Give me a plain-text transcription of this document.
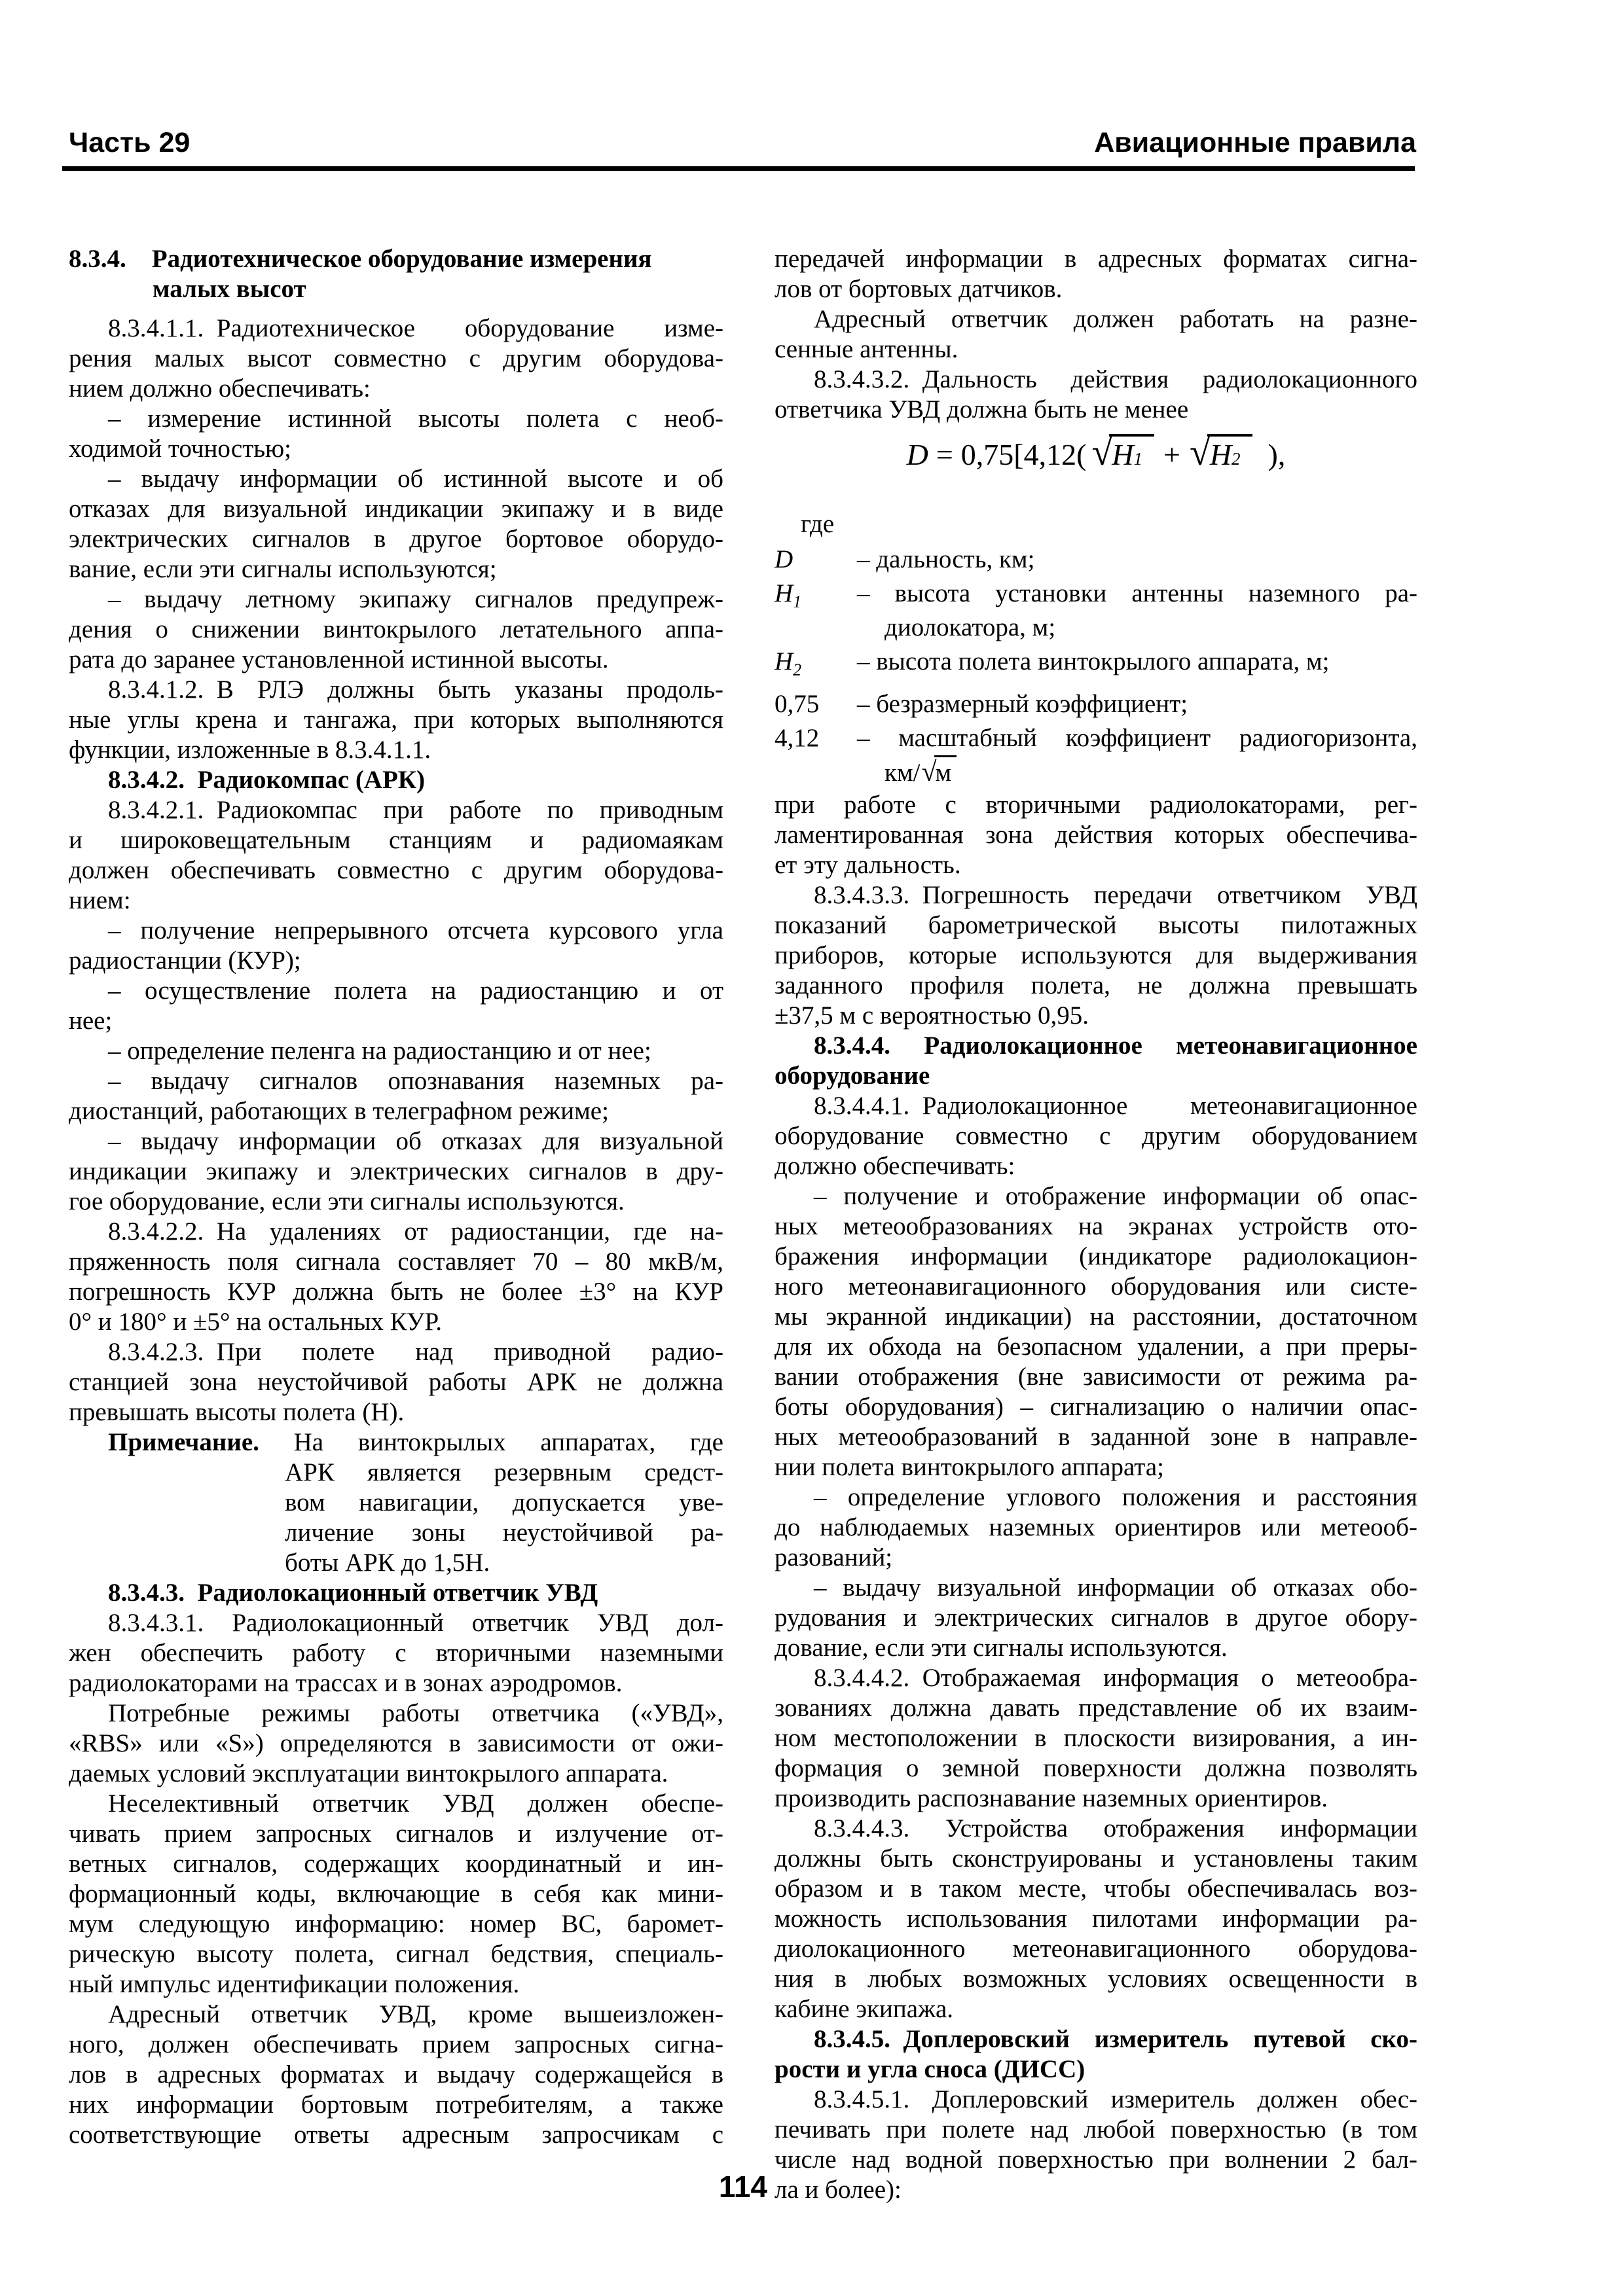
Часть 29	Авиационные правила
8.3.4. Радиотехническое оборудование измерения
малых высот
8.3.4.1.1. Радиотехническое оборудование изме-
рения малых высот совместно с другим оборудова-
нием должно обеспечивать:
– измерение истинной высоты полета с необ-
ходимой точностью;
– выдачу информации об истинной высоте и об
отказах для визуальной индикации экипажу и в виде
электрических сигналов в другое бортовое оборудо-
вание, если эти сигналы используются;
– выдачу летному экипажу сигналов предупреж-
дения о снижении винтокрылого летательного аппа-
рата до заранее установленной истинной высоты.
8.3.4.1.2. В РЛЭ должны быть указаны продоль-
ные углы крена и тангажа, при которых выполняются
функции, изложенные в 8.3.4.1.1.
8.3.4.2. Радиокомпас (АРК)
8.3.4.2.1. Радиокомпас при работе по приводным
и широковещательным станциям и радиомаякам
должен обеспечивать совместно с другим оборудова-
нием:
– получение непрерывного отсчета курсового угла
радиостанции (КУР);
– осуществление полета на радиостанцию и от
нее;
– определение пеленга на радиостанцию и от нее;
– выдачу сигналов опознавания наземных ра-
диостанций, работающих в телеграфном режиме;
– выдачу информации об отказах для визуальной
индикации экипажу и электрических сигналов в дру-
гое оборудование, если эти сигналы используются.
8.3.4.2.2. На удалениях от радиостанции, где на-
пряженность поля сигнала составляет 70 – 80 мкВ/м,
погрешность КУР должна быть не более ±3° на КУР
0° и 180° и ±5° на остальных КУР.
8.3.4.2.3. При полете над приводной радио-
станцией зона неустойчивой работы АРК не должна
превышать высоты полета (Н).
Примечание. На винтокрылых аппаратах, где
АРК является резервным средст-
вом навигации, допускается уве-
личение зоны неустойчивой ра-
боты АРК до 1,5Н.
8.3.4.3. Радиолокационный ответчик УВД
8.3.4.3.1. Радиолокационный ответчик УВД дол-
жен обеспечить работу с вторичными наземными
радиолокаторами на трассах и в зонах аэродромов.
Потребные режимы работы ответчика («УВД»,
«RBS» или «S») определяются в зависимости от ожи-
даемых условий эксплуатации винтокрылого аппарата.
Неселективный ответчик УВД должен обеспе-
чивать прием запросных сигналов и излучение от-
ветных сигналов, содержащих координатный и ин-
формационный коды, включающие в себя как мини-
мум следующую информацию: номер ВС, баромет-
рическую высоту полета, сигнал бедствия, специаль-
ный импульс идентификации положения.
Адресный ответчик УВД, кроме вышеизложен-
ного, должен обеспечивать прием запросных сигна-
лов в адресных форматах и выдачу содержащейся в
них информации бортовым потребителям, а также
соответствующие ответы адресным запросчикам с
передачей информации в адресных форматах сигна-
лов от бортовых датчиков.
Адресный ответчик должен работать на разне-
сенные антенны.
8.3.4.3.2. Дальность действия радиолокационного
ответчика УВД должна быть не менее
D = 0,75[4,12( √ H1 + √ H2 ),
где
D	– дальность, км;
$H_1$	– высота установки антенны наземного ра-
диолокатора, м;
$H_2$	– высота полета винтокрылого аппарата, м;
0,75	– безразмерный коэффициент;
4,12	– масштабный коэффициент радиогоризонта,
км/ √
м
при работе с вторичными радиолокаторами, рег-
ламентированная зона действия которых обеспечива-
ет эту дальность.
8.3.4.3.3. Погрешность передачи ответчиком УВД
показаний барометрической высоты пилотажных
приборов, которые используются для выдерживания
заданного профиля полета, не должна превышать
±37,5 м с вероятностью 0,95.
8.3.4.4. Радиолокационное метеонавигационное
оборудование
8.3.4.4.1. Радиолокационное метеонавигационное
оборудование совместно с другим оборудованием
должно обеспечивать:
– получение и отображение информации об опас-
ных метеообразованиях на экранах устройств ото-
бражения информации (индикаторе радиолокацион-
ного метеонавигационного оборудования или систе-
мы экранной индикации) на расстоянии, достаточном
для их обхода на безопасном удалении, а при преры-
вании отображения (вне зависимости от режима ра-
боты оборудования) – сигнализацию о наличии опас-
ных метеообразований в заданной зоне в направле-
нии полета винтокрылого аппарата;
– определение углового положения и расстояния
до наблюдаемых наземных ориентиров или метеооб-
разований;
– выдачу визуальной информации об отказах обо-
рудования и электрических сигналов в другое обору-
дование, если эти сигналы используются.
8.3.4.4.2. Отображаемая информация о метеообра-
зованиях должна давать представление об их взаим-
ном местоположении в плоскости визирования, а ин-
формация о земной поверхности должна позволять
производить распознавание наземных ориентиров.
8.3.4.4.3. Устройства отображения информации
должны быть сконструированы и установлены таким
образом и в таком месте, чтобы обеспечивалась воз-
можность использования пилотами информации ра-
диолокационного метеонавигационного оборудова-
ния в любых возможных условиях освещенности в
кабине экипажа.
8.3.4.5. Доплеровский измеритель путевой ско-
рости и угла сноса (ДИСС)
8.3.4.5.1. Доплеровский измеритель должен обес-
печивать при полете над любой поверхностью (в том
числе над водной поверхностью при волнении 2 бал-
ла и более):
114
